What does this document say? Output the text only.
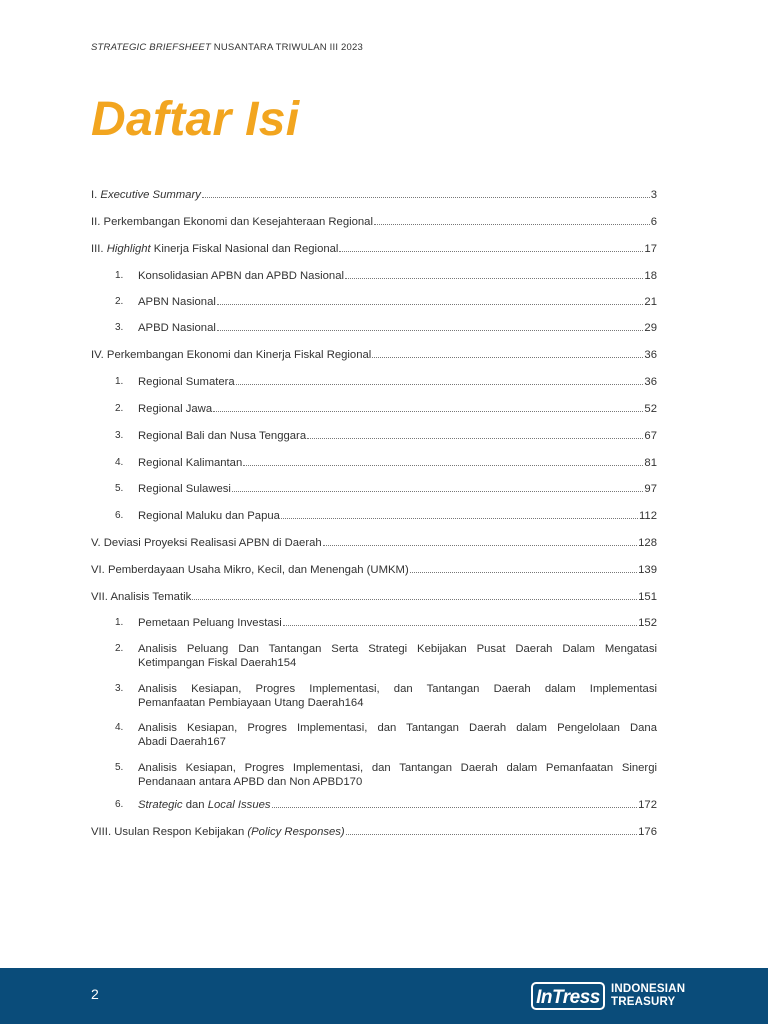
STRATEGIC BRIEFSHEET NUSANTARA TRIWULAN III 2023
Daftar Isi
I. Executive Summary	3
II. Perkembangan Ekonomi dan Kesejahteraan Regional	6
III. Highlight Kinerja Fiskal Nasional dan Regional	17
1.	Konsolidasian APBN dan APBD Nasional	18
2.	APBN Nasional	21
3.	APBD Nasional	29
IV. Perkembangan Ekonomi dan Kinerja Fiskal Regional	36
1.	Regional Sumatera	36
2.	Regional Jawa	52
3.	Regional Bali dan Nusa Tenggara	67
4.	Regional Kalimantan	81
5.	Regional Sulawesi	97
6.	Regional Maluku dan Papua	112
V. Deviasi Proyeksi Realisasi APBN di Daerah	128
VI. Pemberdayaan Usaha Mikro, Kecil, dan Menengah (UMKM)	139
VII. Analisis Tematik	151
1.	Pemetaan Peluang Investasi	152
2.	Analisis Peluang Dan Tantangan Serta Strategi Kebijakan Pusat Daerah Dalam Mengatasi
Ketimpangan Fiskal Daerah 154
3.	Analisis Kesiapan, Progres Implementasi, dan Tantangan Daerah dalam Implementasi
Pemanfaatan Pembiayaan Utang Daerah 164
4.	Analisis Kesiapan, Progres Implementasi, dan Tantangan Daerah dalam Pengelolaan Dana
Abadi Daerah 167
5.	Analisis Kesiapan, Progres Implementasi, dan Tantangan Daerah dalam Pemanfaatan Sinergi
Pendanaan antara APBD dan Non APBD 170
6.	Strategic dan Local Issues	172
VIII. Usulan Respon Kebijakan (Policy Responses)	176
2	InTress INDONESIAN
TREASURY
